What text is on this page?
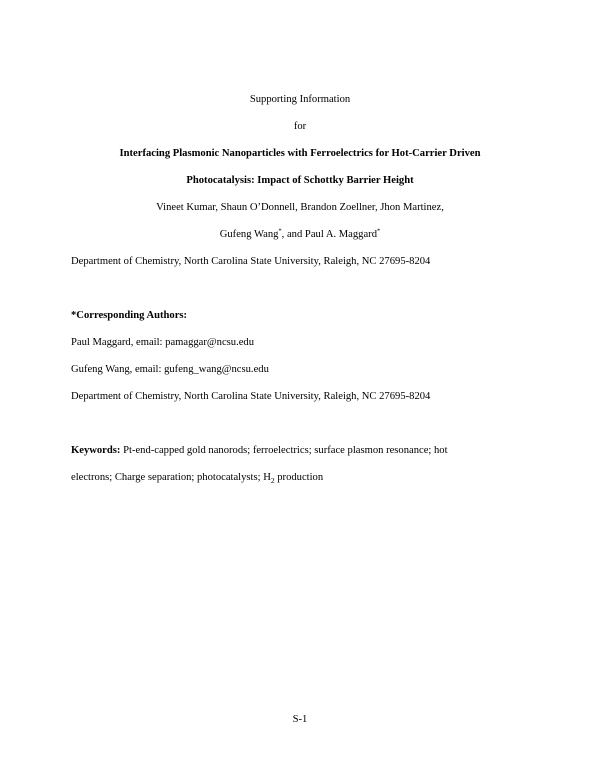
Supporting Information
for
Interfacing Plasmonic Nanoparticles with Ferroelectrics for Hot-Carrier Driven
Photocatalysis: Impact of Schottky Barrier Height
Vineet Kumar, Shaun O’Donnell, Brandon Zoellner, Jhon Martinez,
Gufeng Wang*, and Paul A. Maggard*
Department of Chemistry, North Carolina State University, Raleigh, NC 27695-8204
*Corresponding Authors:
Paul Maggard, email: pamaggar@ncsu.edu
Gufeng Wang, email: gufeng_wang@ncsu.edu
Department of Chemistry, North Carolina State University, Raleigh, NC 27695-8204
Keywords: Pt-end-capped gold nanorods; ferroelectrics; surface plasmon resonance; hot
electrons; Charge separation; photocatalysts; $H_2$ production
S-1
